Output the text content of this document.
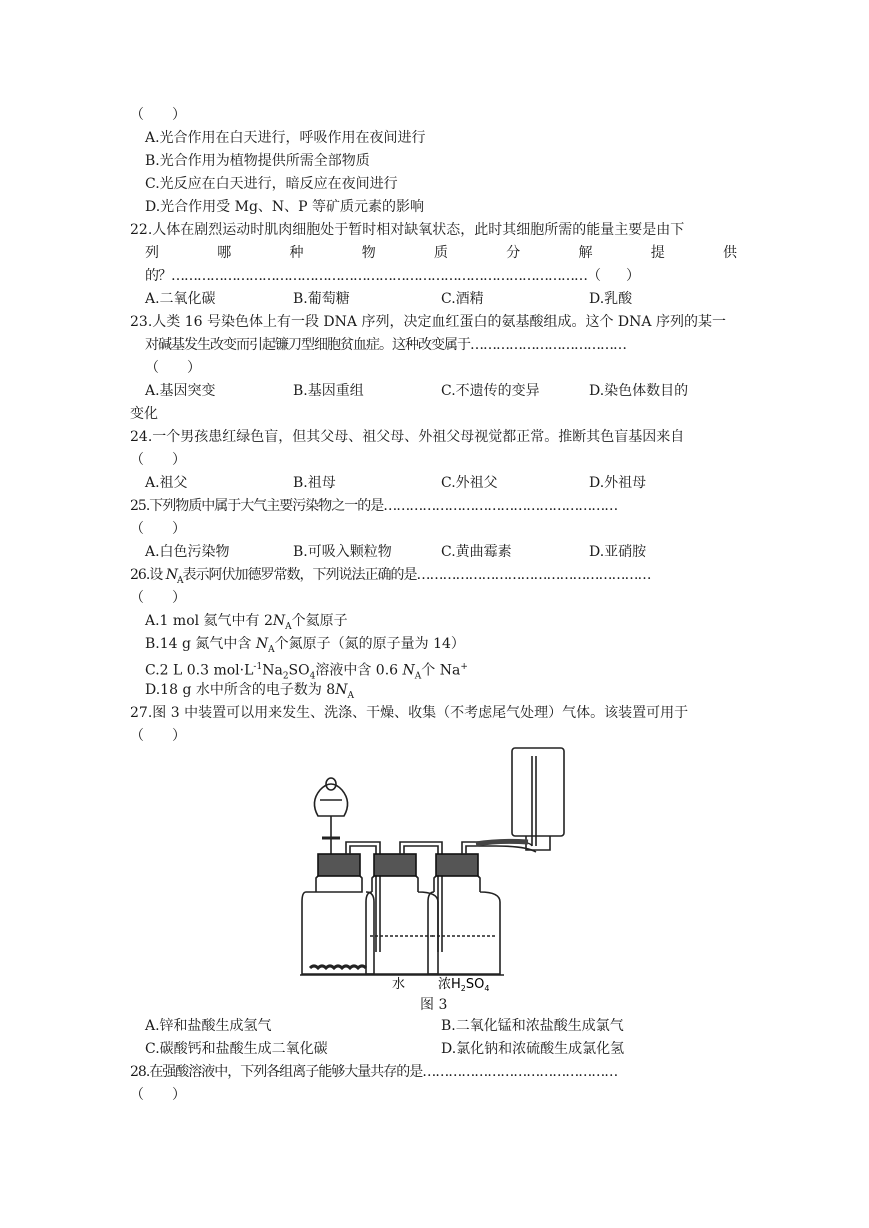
（　　）
A.光合作用在白天进行，呼吸作用在夜间进行
B.光合作用为植物提供所需全部物质
C.光反应在白天进行，暗反应在夜间进行
D.光合作用受 Mg、N、P 等矿质元素的影响
22.人体在剧烈运动时肌肉细胞处于暂时相对缺氧状态，此时其细胞所需的能量主要是由下
列	哪	种	物	质	分	解	提	供
的？……………………………………………………………………………………（　　）
A.二氧化碳	B.葡萄糖	C.酒精	D.乳酸
23.人类 16 号染色体上有一段 DNA 序列，决定血红蛋白的氨基酸组成。这个 DNA 序列的某一
对碱基发生改变而引起镰刀型细胞贫血症。这种改变属于………………………………
（　　）
A.基因突变	B.基因重组	C.不遗传的变异	D.染色体数目的
变化
24.一个男孩患红绿色盲，但其父母、祖父母、外祖父母视觉都正常。推断其色盲基因来自
（　　）
A.祖父	B.祖母	C.外祖父	D.外祖母
25.下列物质中属于大气主要污染物之一的是………………………………………………
（　　）
A.白色污染物	B.可吸入颗粒物	C.黄曲霉素	D.亚硝胺
26.设 $N_A$表示阿伏加德罗常数，下列说法正确的是………………………………………………
（　　）
A.1 mol 氦气中有 $2N_A$个氦原子
B.14 g 氮气中含 $N_A$个氮原子（氮的原子量为 14）
C.2 L 0.3 $mol\cdot L^{-1}Na_2SO_4$溶液中含 0.6 $N_A$个 Na+
D.18 g 水中所含的电子数为 $8N_A$
27.图 3 中装置可以用来发生、洗涤、干燥、收集（不考虑尾气处理）气体。该装置可用于
（　　）
水	浓$H_2SO_4$
图 3
A.锌和盐酸生成氢气	B.二氧化锰和浓盐酸生成氯气
C.碳酸钙和盐酸生成二氧化碳	D.氯化钠和浓硫酸生成氯化氢
28.在强酸溶液中，下列各组离子能够大量共存的是………………………………………
（　　）
